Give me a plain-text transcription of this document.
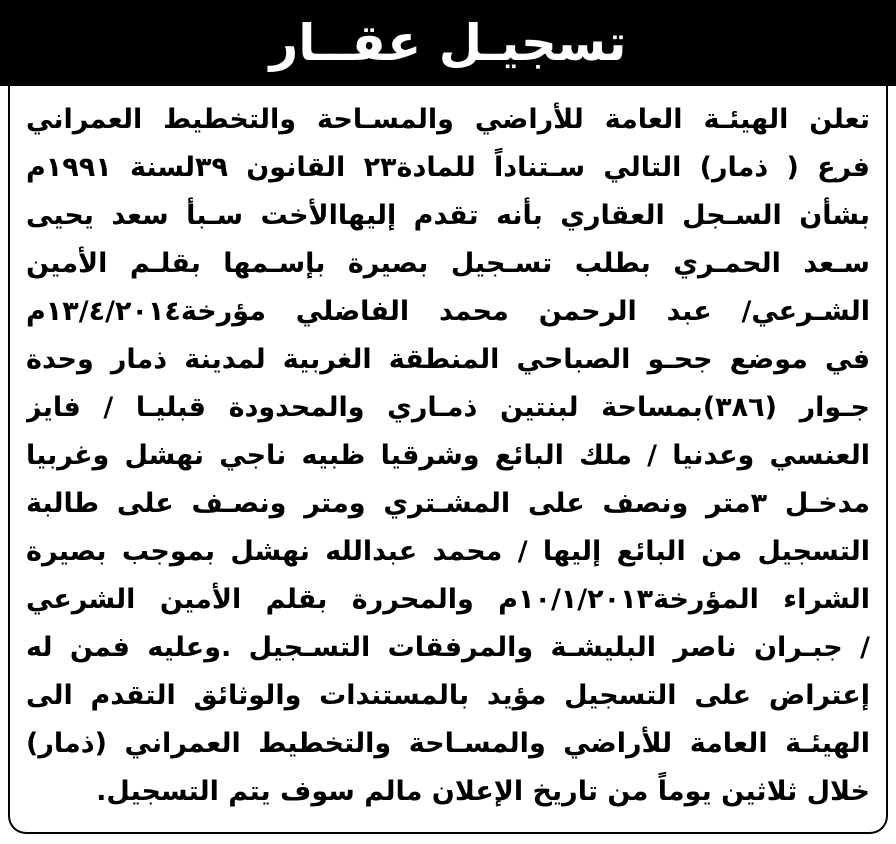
تسجيـل عقــار
تعلن الهيئـة العامة للأراضي والمسـاحة والتخطيط العمراني
فرع ( ذمار) التالي سـتناداً للمادة٢٣ القانون ٣٩لسنة ١٩٩١م
بشأن السـجل العقاري بأنه تقدم إليهاالأخت سـبأ سعد يحيى
سـعد الحمـري بطلب تسـجيل بصيرة بإسـمها بقلـم الأمين
الشـرعي/ عبد الرحمن محمد الفاضلي مؤرخة١٣/٤/٢٠١٤م
في موضع جحـو الصباحي المنطقة الغربية لمدينة ذمار وحدة
جـوار (٣٨٦)بمساحة لبنتين ذمـاري والمحدودة قبليـا / فايز
العنسي وعدنيا / ملك البائع وشرقيا ظبيه ناجي نهشل وغربيا
مدخـل ٣متر ونصف على المشـتري ومتر ونصـف على طالبة
التسجيل من البائع إليها / محمد عبدالله نهشل بموجب بصيرة
الشراء المؤرخة١٠/١/٢٠١٣م والمحررة بقلم الأمين الشرعي
/ جبـران ناصر البليشـة والمرفقات التسـجيل .وعليه فمن له
إعتراض على التسجيل مؤيد بالمستندات والوثائق التقدم الى
الهيئـة العامة للأراضي والمسـاحة والتخطيط العمراني (ذمار)
خلال ثلاثين يوماً من تاريخ الإعلان مالم سوف يتم التسجيل.
